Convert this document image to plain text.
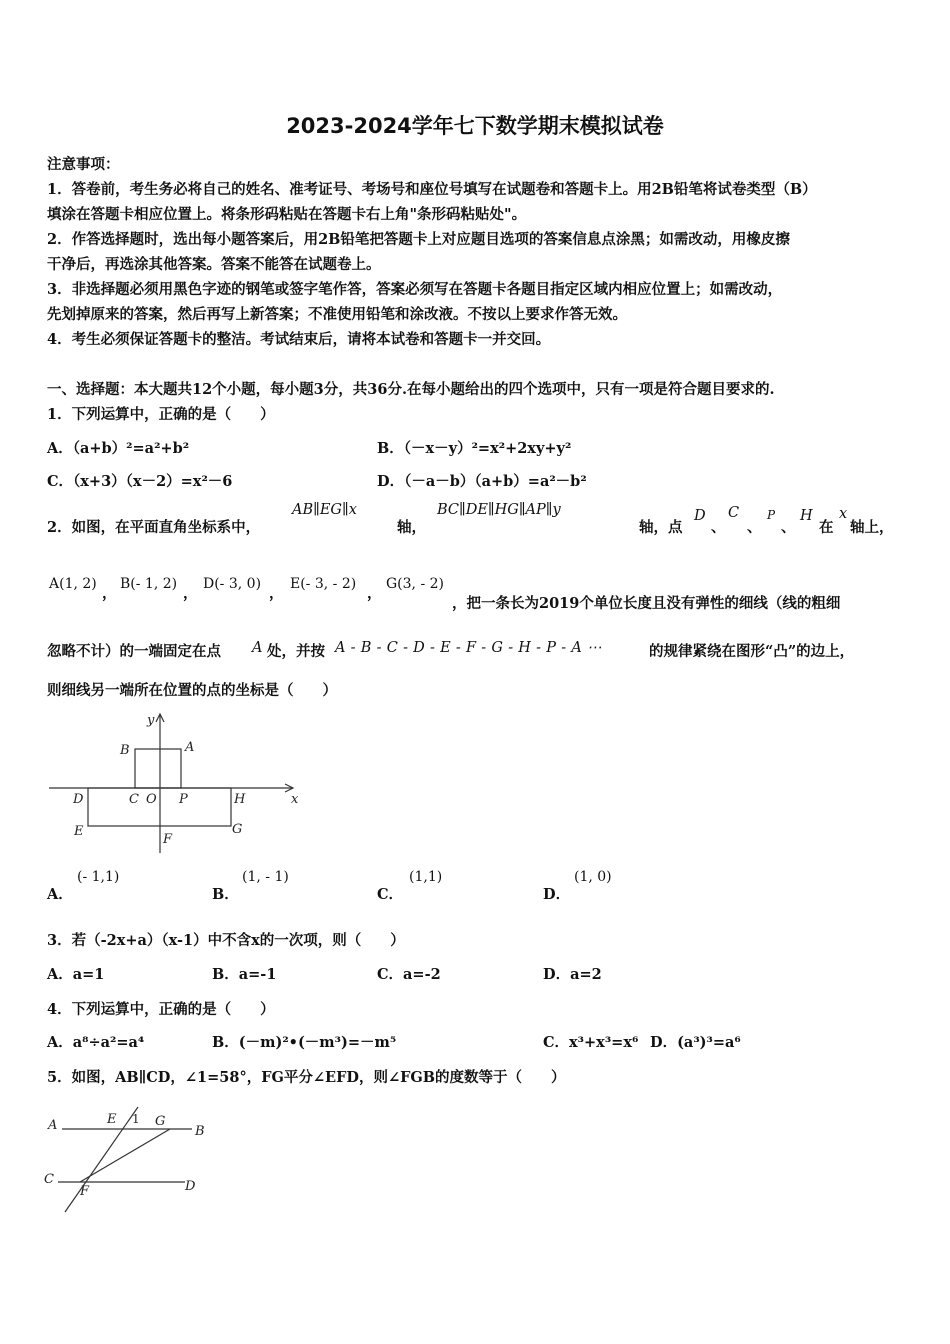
2023-2024学年七下数学期末模拟试卷
注意事项：
1．答卷前，考生务必将自己的姓名、准考证号、考场号和座位号填写在试题卷和答题卡上。用2B铅笔将试卷类型（B）
填涂在答题卡相应位置上。将条形码粘贴在答题卡右上角"条形码粘贴处"。
2．作答选择题时，选出每小题答案后，用2B铅笔把答题卡上对应题目选项的答案信息点涂黑；如需改动，用橡皮擦
干净后，再选涂其他答案。答案不能答在试题卷上。
3．非选择题必须用黑色字迹的钢笔或签字笔作答，答案必须写在答题卡各题目指定区域内相应位置上；如需改动，
先划掉原来的答案，然后再写上新答案；不准使用铅笔和涂改液。不按以上要求作答无效。
4．考生必须保证答题卡的整洁。考试结束后，请将本试卷和答题卡一并交回。
一、选择题：本大题共12个小题，每小题3分，共36分.在每小题给出的四个选项中，只有一项是符合题目要求的.
1．下列运算中，正确的是（　　）
A．（a+b）²=a²+b²	B．（－x－y）²=x²+2xy+y²
C．（x+3）（x－2）=x²－6	D．（－a－b）（a+b）=a²－b²
2．如图，在平面直角坐标系中，
AB∥EG∥x
轴，
BC∥DE∥HG∥AP∥y
轴，点
D
、
C
、
P
、
H
在
x
轴上，
A(1, 2)
，
B(- 1, 2)
，
D(- 3, 0)
，
E(- 3, - 2)
，
G(3, - 2)
，把一条长为2019个单位长度且没有弹性的细线（线的粗细
忽略不计）的一端固定在点 A 处，并按 A - B - C - D - E - F - G - H - P - A ⋯	的规律紧绕在图形“凸”的边上，
则细线另一端所在位置的点的坐标是（　　）
y
x
B	A
C O P
D	H
E
F
G
A．
(- 1,1)
B．
(1, - 1)
C．
(1,1)
D．
(1, 0)
3．若（-2x+a）（x-1）中不含x的一次项，则（　　）
A．a=1	B．a=-1	C．a=-2	D．a=2
4．下列运算中，正确的是（　　）
A．a⁸÷a²=a⁴	B．(－m)²•(－m³)=－m⁵	C．x³+x³=x⁶ D．(a³)³=a⁶
5．如图，AB∥CD，∠1=58°，FG平分∠EFD，则∠FGB的度数等于（　　）
A	E 1 G
B
C
F	D
